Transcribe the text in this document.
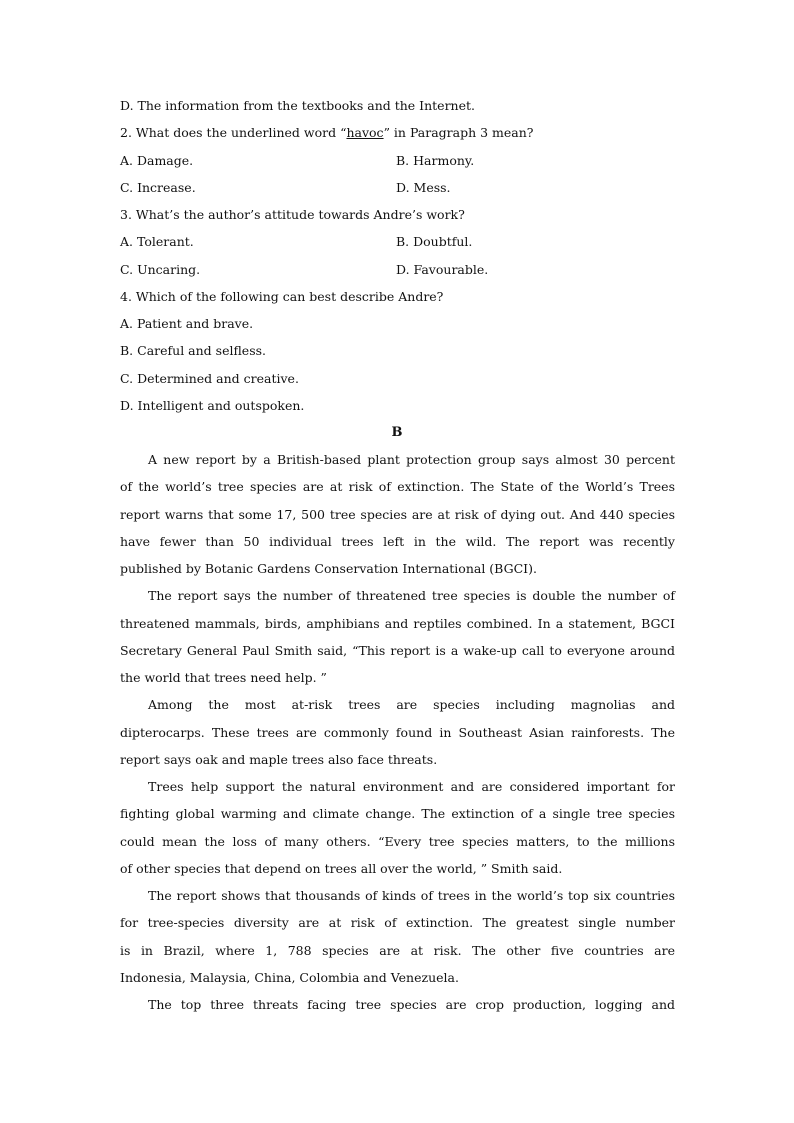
D. The information from the textbooks and the Internet.
2. What does the underlined word “havoc” in Paragraph 3 mean?
A. Damage.	B. Harmony.
C. Increase.	D. Mess.
3. What’s the author’s attitude towards Andre’s work?
A. Tolerant.	B. Doubtful.
C. Uncaring.	D. Favourable.
4. Which of the following can best describe Andre?
A. Patient and brave.
B. Careful and selfless.
C. Determined and creative.
D. Intelligent and outspoken.
B
A new report by a British-based plant protection group says almost 30 percent
of the world’s tree species are at risk of extinction. The State of the World’s Trees
report warns that some 17, 500 tree species are at risk of dying out. And 440 species
have fewer than 50 individual trees left in the wild. The report was recently
published by Botanic Gardens Conservation International (BGCI).
The report says the number of threatened tree species is double the number of
threatened mammals, birds, amphibians and reptiles combined. In a statement, BGCI
Secretary General Paul Smith said, “This report is a wake-up call to everyone around
the world that trees need help. ”
Among the most at-risk trees are species including magnolias and
dipterocarps. These trees are commonly found in Southeast Asian rainforests. The
report says oak and maple trees also face threats.
Trees help support the natural environment and are considered important for
fighting global warming and climate change. The extinction of a single tree species
could mean the loss of many others. “Every tree species matters, to the millions
of other species that depend on trees all over the world, ” Smith said.
The report shows that thousands of kinds of trees in the world’s top six countries
for tree-species diversity are at risk of extinction. The greatest single number
is in Brazil, where 1, 788 species are at risk. The other five countries are
Indonesia, Malaysia, China, Colombia and Venezuela.
The top three threats facing tree species are crop production, logging and
